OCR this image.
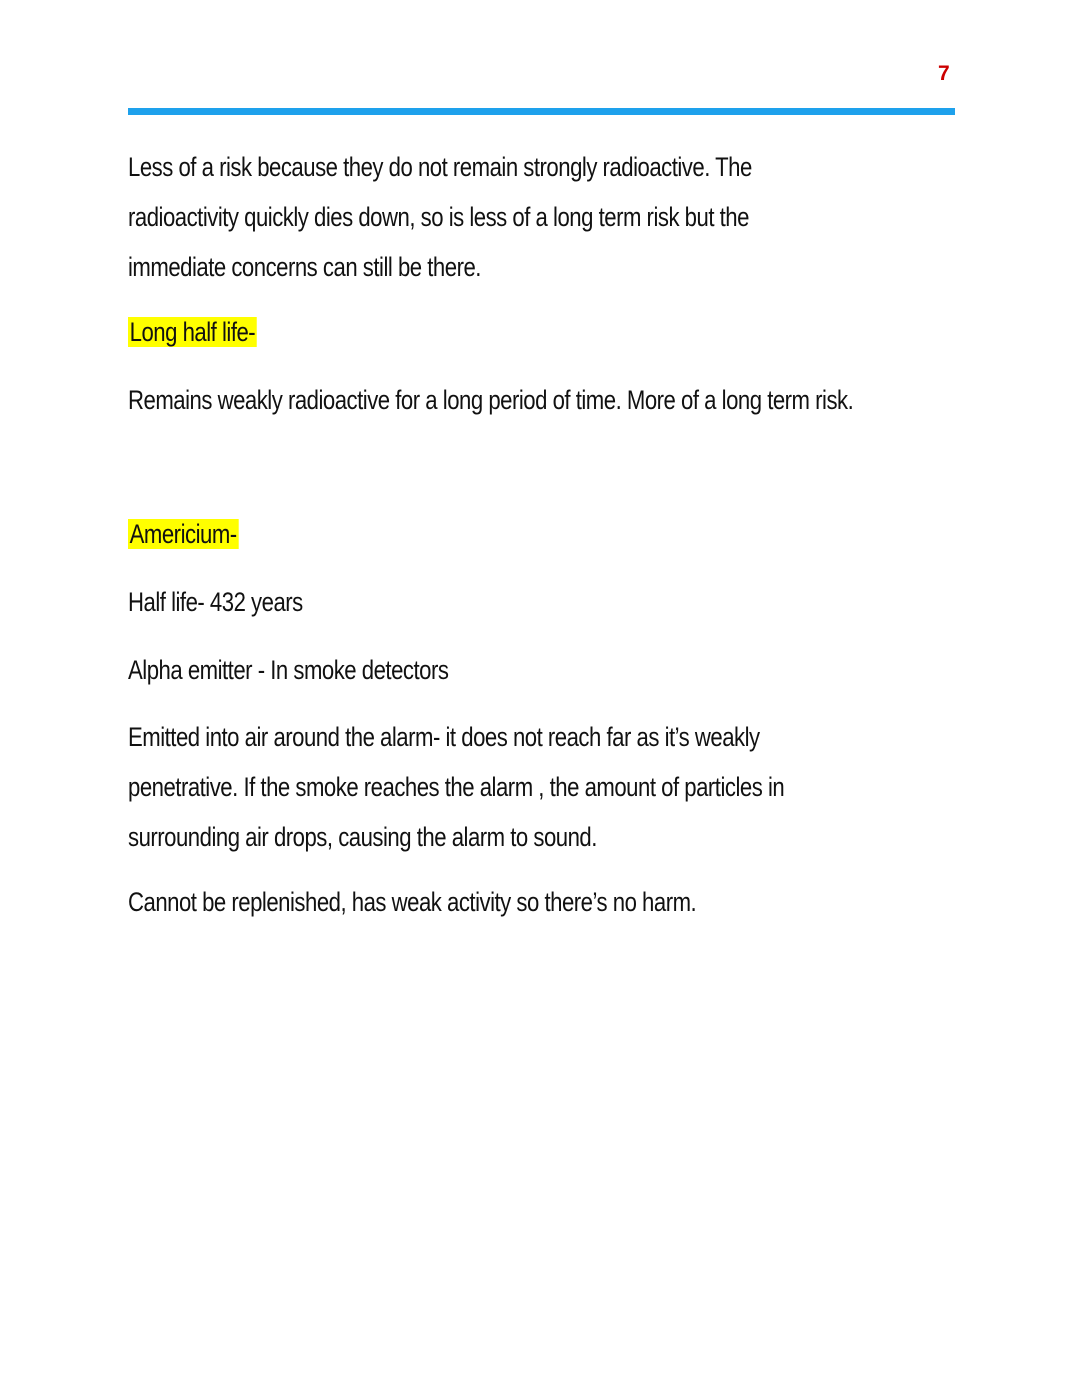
7
Less of a risk because they do not remain strongly radioactive. The
radioactivity quickly dies down, so is less of a long term risk but the
immediate concerns can still be there.
Long half life-
Remains weakly radioactive for a long period of time. More of a long term risk.
Americium-
Half life- 432 years
Alpha emitter - In smoke detectors
Emitted into air around the alarm- it does not reach far as it’s weakly
penetrative. If the smoke reaches the alarm , the amount of particles in
surrounding air drops, causing the alarm to sound.
Cannot be replenished, has weak activity so there’s no harm.
